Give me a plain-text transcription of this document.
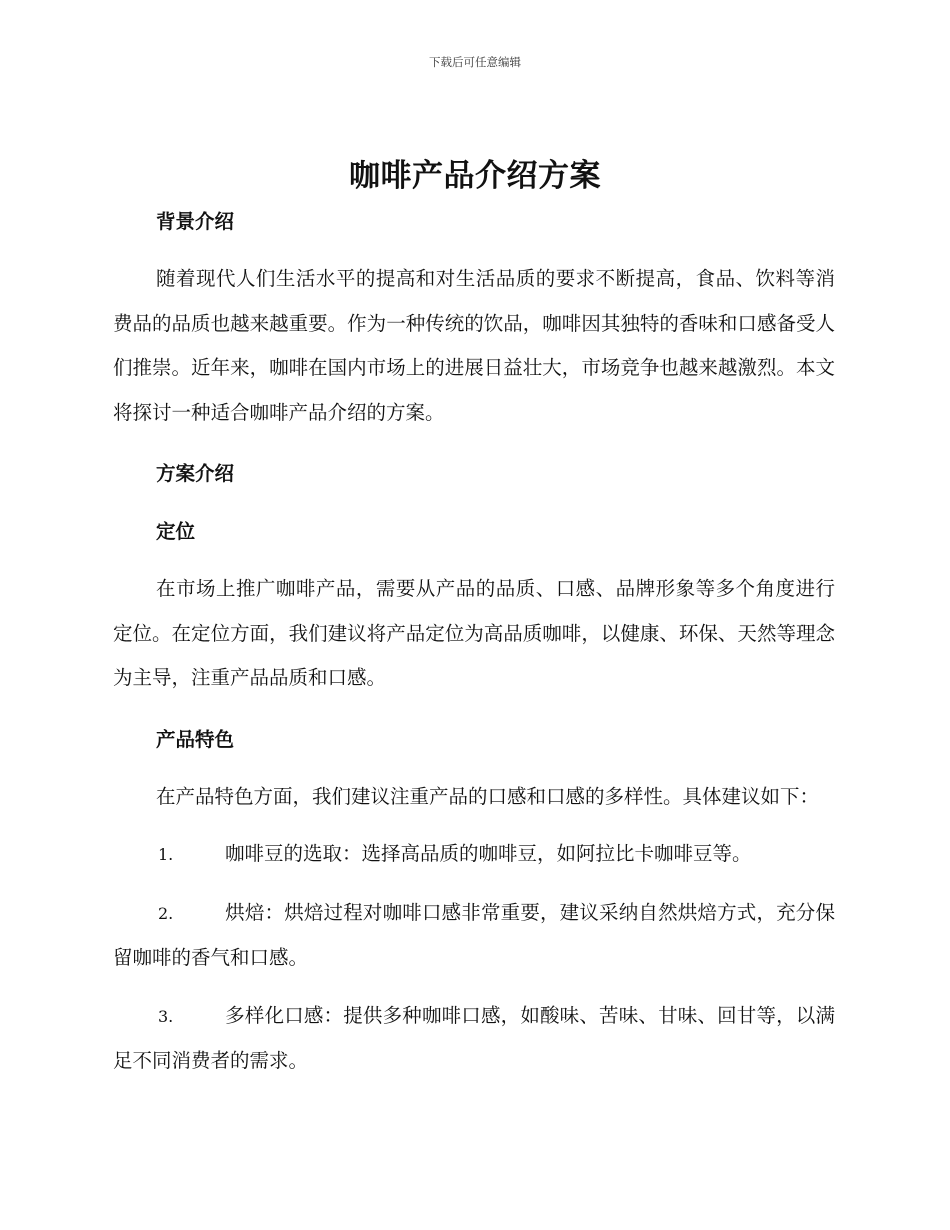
下载后可任意编辑
咖啡产品介绍方案

背景介绍

随着现代人们生活水平的提高和对生活品质的要求不断提高，食品、饮料等消费品的品质也越来越重要。作为一种传统的饮品，咖啡因其独特的香味和口感备受人们推崇。近年来，咖啡在国内市场上的进展日益壮大，市场竞争也越来越激烈。本文将探讨一种适合咖啡产品介绍的方案。

方案介绍

定位

在市场上推广咖啡产品，需要从产品的品质、口感、品牌形象等多个角度进行定位。在定位方面，我们建议将产品定位为高品质咖啡，以健康、环保、天然等理念为主导，注重产品品质和口感。

产品特色

在产品特色方面，我们建议注重产品的口感和口感的多样性。具体建议如下：

1.	咖啡豆的选取：选择高品质的咖啡豆，如阿拉比卡咖啡豆等。

2.	烘焙：烘焙过程对咖啡口感非常重要，建议采纳自然烘焙方式，充分保留咖啡的香气和口感。

3.	多样化口感：提供多种咖啡口感，如酸味、苦味、甘味、回甘等，以满足不同消费者的需求。
